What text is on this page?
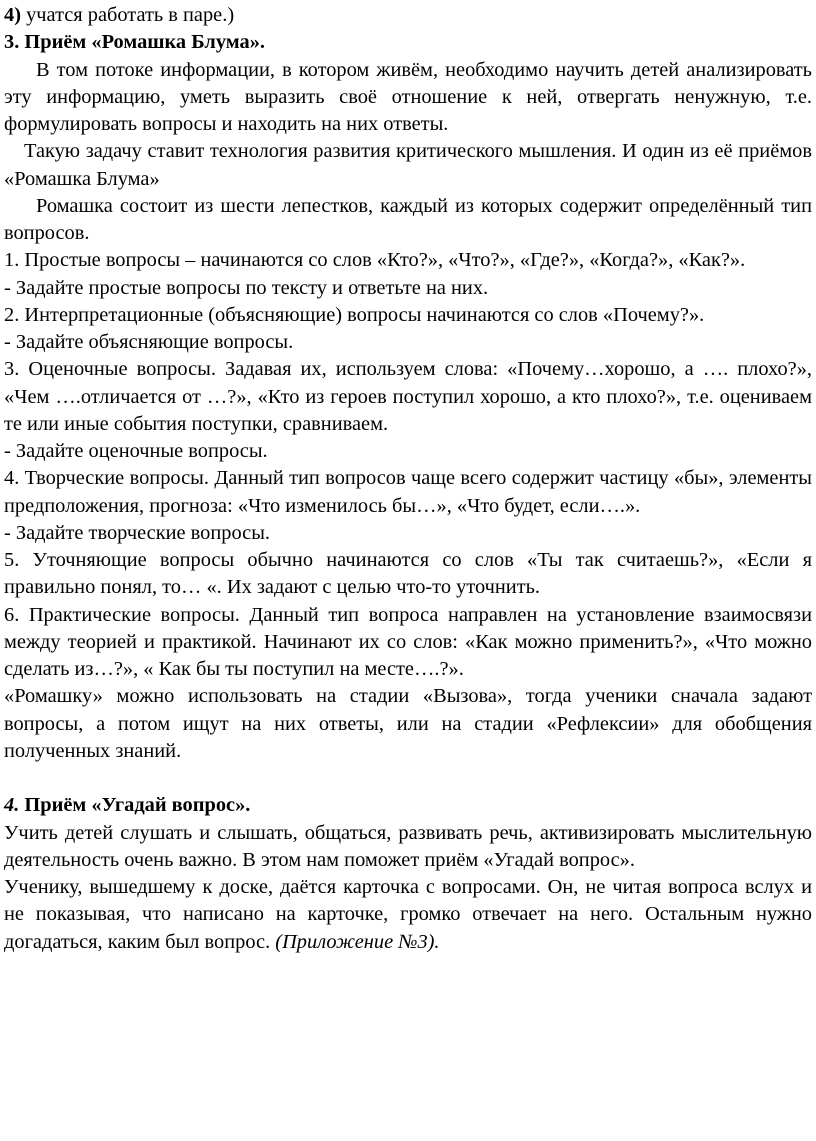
4) учатся работать в паре.)

3. Приём «Ромашка Блума».

В том потоке информации, в котором живём, необходимо научить детей анализировать эту информацию, уметь выразить своё отношение к ней, отвергать ненужную, т.е. формулировать вопросы и находить на них ответы.

Такую задачу ставит технология развития критического мышления. И один из её приёмов «Ромашка Блума»

Ромашка состоит из шести лепестков, каждый из которых содержит определённый тип вопросов.

1. Простые вопросы – начинаются со слов «Кто?», «Что?», «Где?», «Когда?», «Как?».

- Задайте простые вопросы по тексту и ответьте на них.

2. Интерпретационные (объясняющие) вопросы начинаются со слов «Почему?».

- Задайте объясняющие вопросы.

3. Оценочные вопросы. Задавая их, используем слова: «Почему…хорошо, а …. плохо?», «Чем ….отличается от …?», «Кто из героев поступил хорошо, а кто плохо?», т.е. оцениваем те или иные события поступки, сравниваем.

- Задайте оценочные вопросы.

4. Творческие вопросы. Данный тип вопросов чаще всего содержит частицу «бы», элементы предположения, прогноза: «Что изменилось бы…», «Что будет, если….».

- Задайте творческие вопросы.

5. Уточняющие вопросы обычно начинаются со слов «Ты так считаешь?», «Если я правильно понял, то… «. Их задают с целью что-то уточнить.

6. Практические вопросы. Данный тип вопроса направлен на установление взаимосвязи между теорией и практикой. Начинают их со слов: «Как можно применить?», «Что можно сделать из…?», « Как бы ты поступил на месте….?».

«Ромашку» можно использовать на стадии «Вызова», тогда ученики сначала задают вопросы, а потом ищут на них ответы, или на стадии «Рефлексии» для обобщения полученных знаний.

4. Приём «Угадай вопрос».

Учить детей слушать и слышать, общаться, развивать речь, активизировать мыслительную деятельность очень важно. В этом нам поможет приём «Угадай вопрос».

Ученику, вышедшему к доске, даётся карточка с вопросами. Он, не читая вопроса вслух и не показывая, что написано на карточке, громко отвечает на него. Остальным нужно догадаться, каким был вопрос. (Приложение №3).
